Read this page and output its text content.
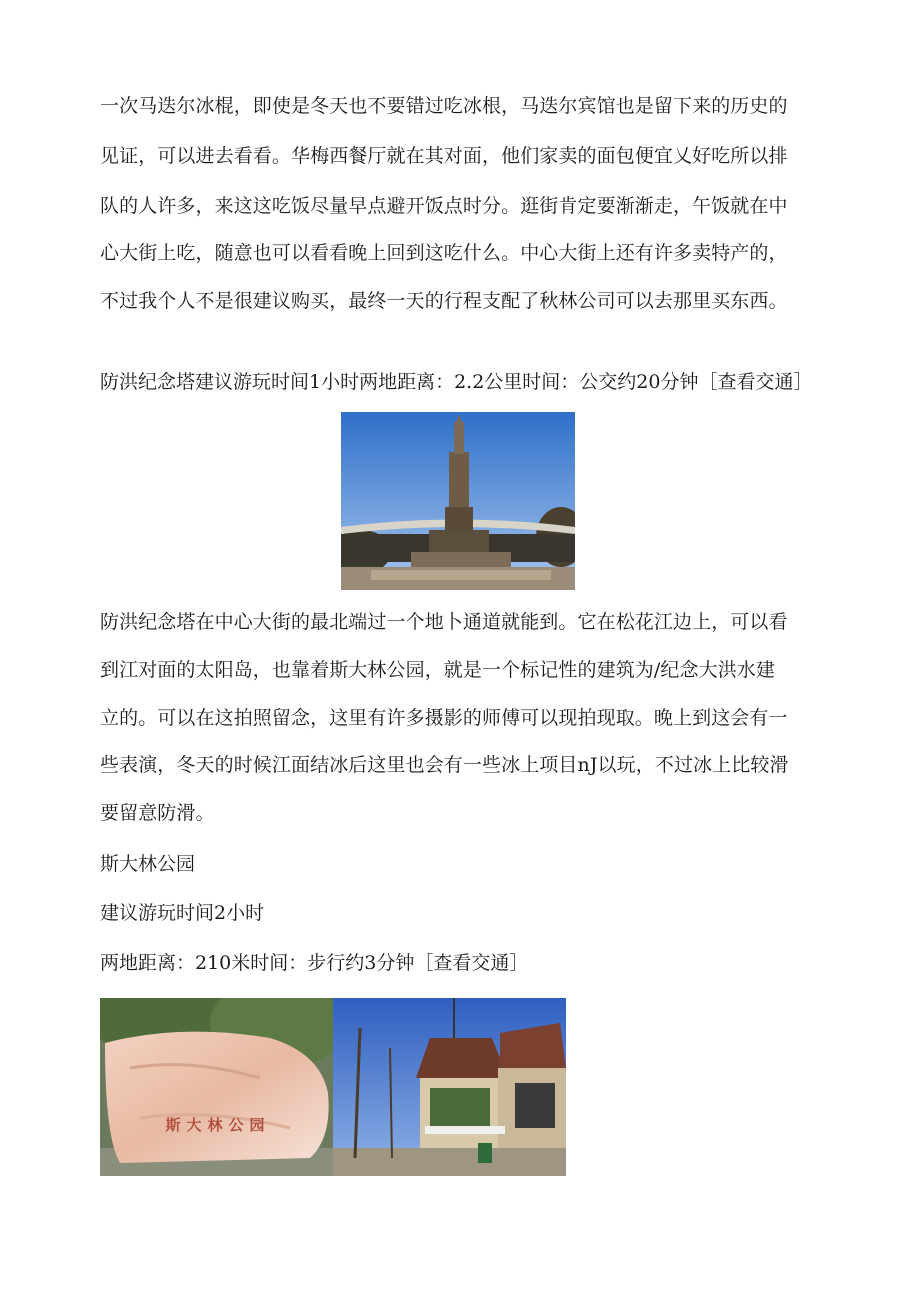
一次马迭尔冰棍，即使是冬天也不要错过吃冰根，马迭尔宾馆也是留下来的历史的
见证，可以进去看看。华梅西餐厅就在其对面，他们家卖的面包便宜乂好吃所以排
队的人许多，来这这吃饭尽量早点避开饭点时分。逛街肯定要渐渐走，午饭就在中
心大街上吃，随意也可以看看晚上回到这吃什么。中心大街上还有许多卖特产的，
不过我个人不是很建议购买，最终一天的行程支配了秋林公司可以去那里买东西。
防洪纪念塔建议游玩时间1小时两地距离：2.2公里时间：公交约20分钟［查看交通］
防洪纪念塔在中心大街的最北端过一个地卜通道就能到。它在松花江边上，可以看
到江对面的太阳岛，也靠着斯大林公园，就是一个标记性的建筑为/纪念大洪水建
立的。可以在这拍照留念，这里有许多摄影的师傅可以现拍现取。晚上到这会有一
些表演，冬天的时候江面结冰后这里也会有一些冰上项目nJ以玩，不过冰上比较滑
要留意防滑。
斯大林公园
建议游玩时间2小时
两地距离：210米时间：步行约3分钟［查看交通］
斯大林公园
